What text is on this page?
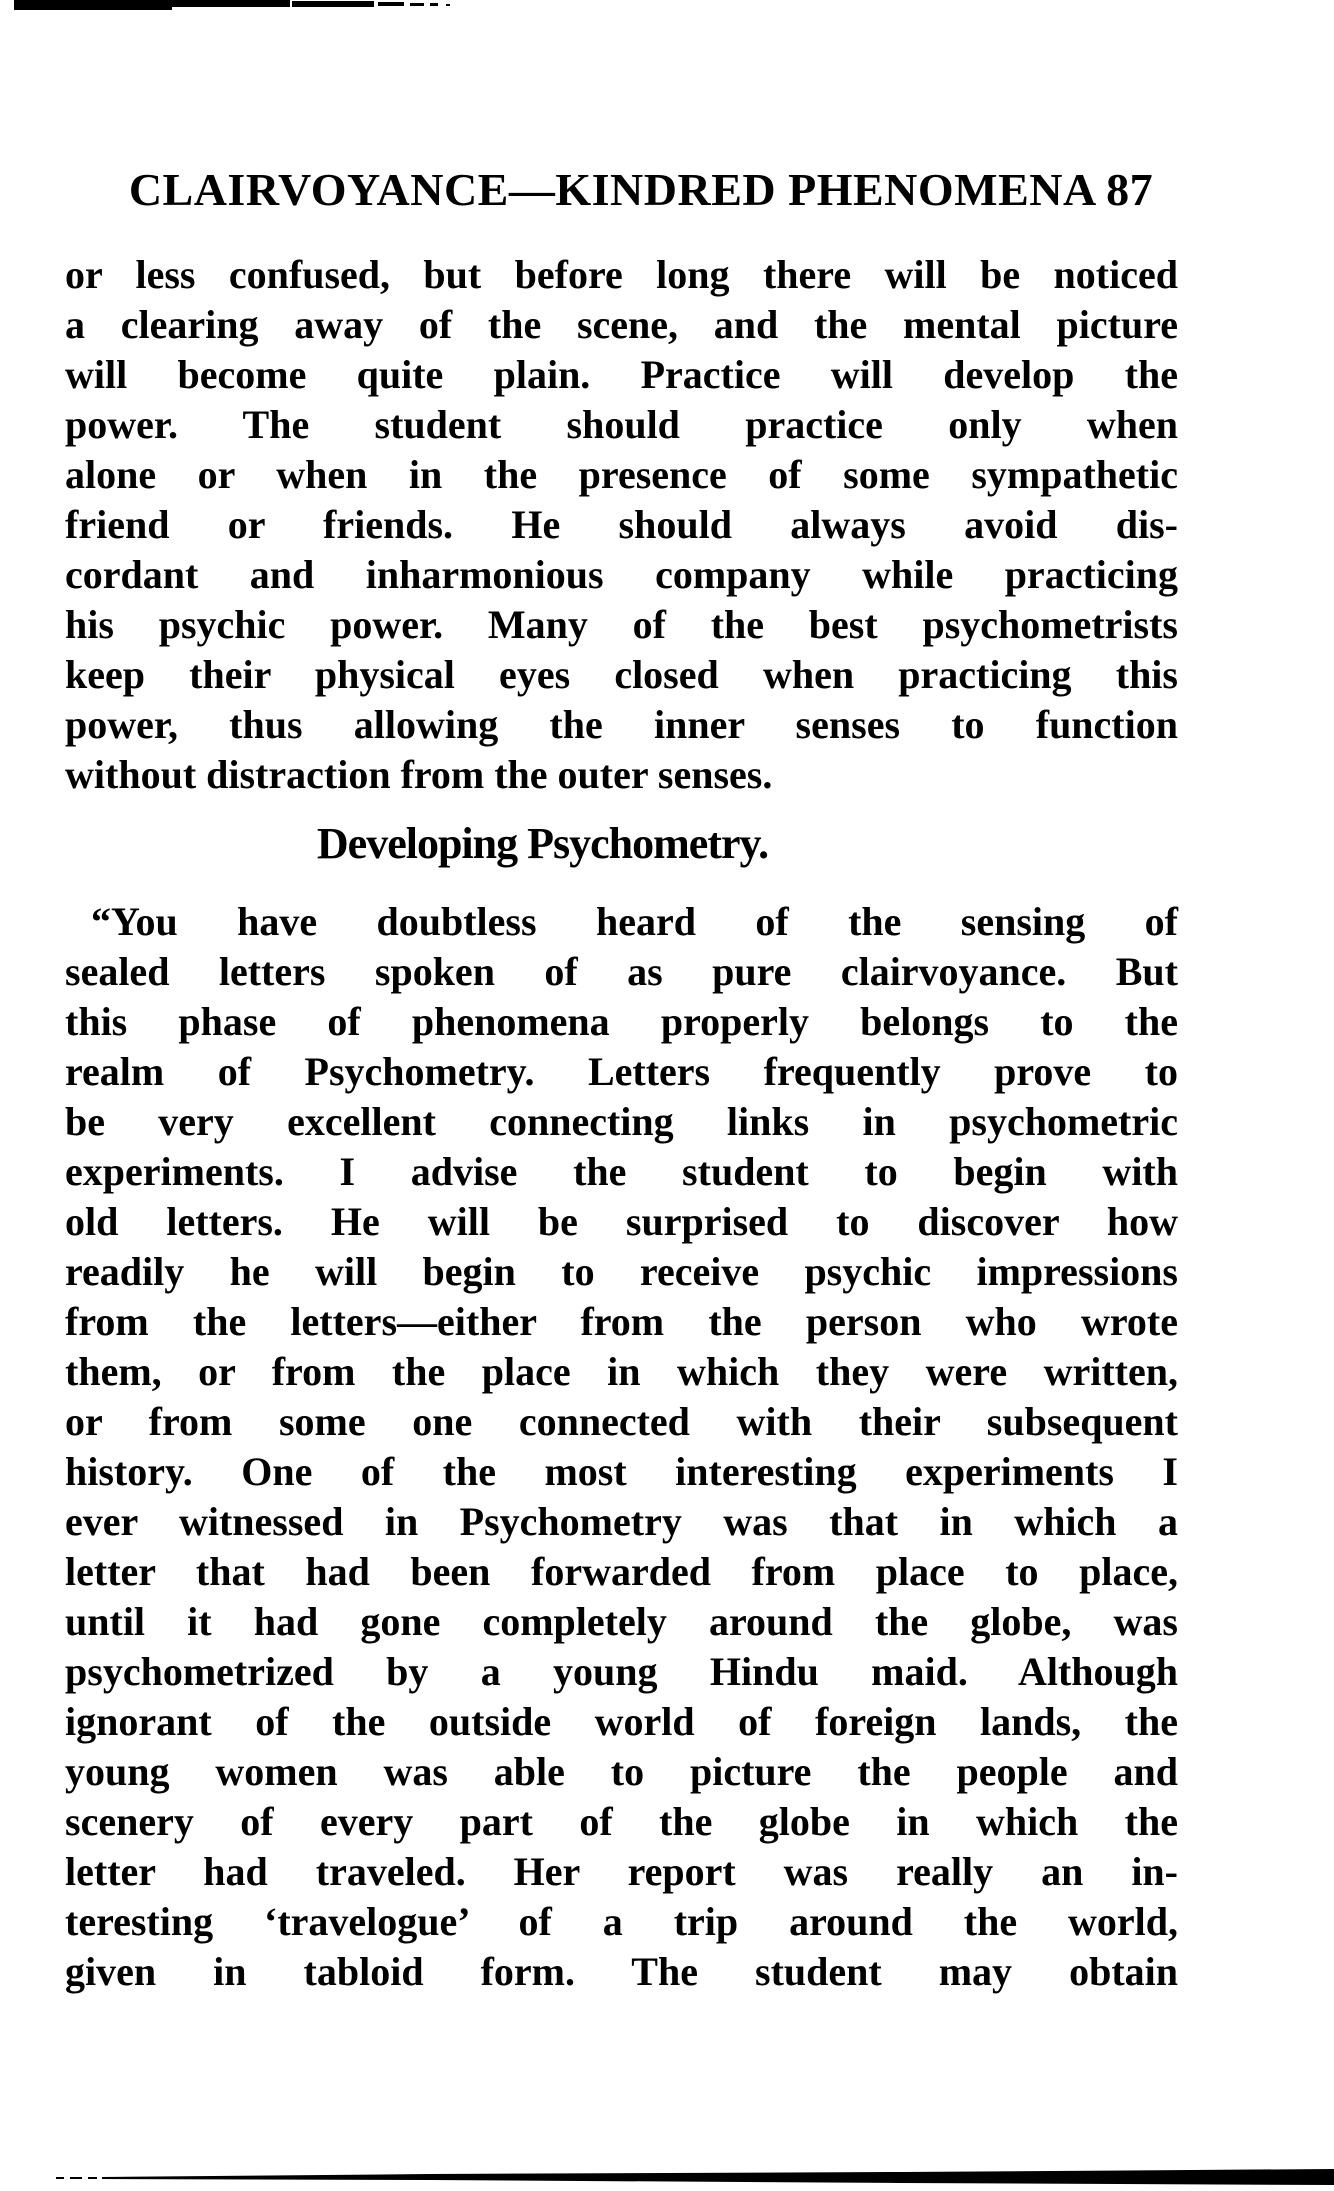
CLAIRVOYANCE—KINDRED PHENOMENA 87
or less confused, but before long there will be noticed
a clearing away of the scene, and the mental picture
will become quite plain. Practice will develop the
power. The student should practice only when
alone or when in the presence of some sympathetic
friend or friends. He should always avoid dis-
cordant and inharmonious company while practicing
his psychic power. Many of the best psychometrists
keep their physical eyes closed when practicing this
power, thus allowing the inner senses to function
without distraction from the outer senses.
Developing Psychometry.
“You have doubtless heard of the sensing of
sealed letters spoken of as pure clairvoyance. But
this phase of phenomena properly belongs to the
realm of Psychometry. Letters frequently prove to
be very excellent connecting links in psychometric
experiments. I advise the student to begin with
old letters. He will be surprised to discover how
readily he will begin to receive psychic impressions
from the letters—either from the person who wrote
them, or from the place in which they were written,
or from some one connected with their subsequent
history. One of the most interesting experiments I
ever witnessed in Psychometry was that in which a
letter that had been forwarded from place to place,
until it had gone completely around the globe, was
psychometrized by a young Hindu maid. Although
ignorant of the outside world of foreign lands, the
young women was able to picture the people and
scenery of every part of the globe in which the
letter had traveled. Her report was really an in-
teresting ‘travelogue’ of a trip around the world,
given in tabloid form. The student may obtain
